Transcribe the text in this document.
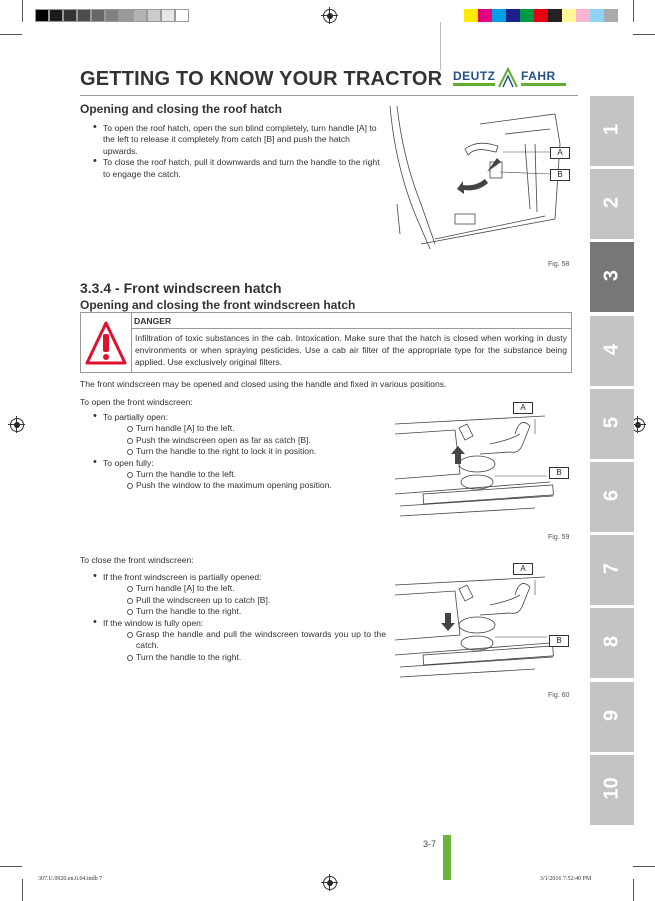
GETTING TO KNOW YOUR TRACTOR DEUTZ FAHR
Opening and closing the roof hatch
• To open the roof hatch, open the sun blind completely, turn handle [A] to the left to release it completely from catch [B] and push the hatch upwards.
• To close the roof hatch, pull it downwards and turn the handle to the right to engage the catch.
A
B
Fig. 58
3.3.4 - Front windscreen hatch
Opening and closing the front windscreen hatch
DANGER
Infiltration of toxic substances in the cab. Intoxication. Make sure that the hatch is closed when working in dusty environments or when spraying pesticides. Use a cab air filter of the appropriate type for the substance being applied. Use exclusively original filters.
The front windscreen may be opened and closed using the handle and fixed in various positions.
To open the front windscreen:
• To partially open:
Turn handle [A] to the left.
Push the windscreen open as far as catch [B].
Turn the handle to the right to lock it in position.
• To open fully:
Turn the handle to the left.
Push the window to the maximum opening position.
A
B
Fig. 59
To close the front windscreen:
• If the front windscreen is partially opened:
Turn handle [A] to the left.
Pull the windscreen up to catch [B].
Turn the handle to the right.
• If the window is fully open:
Grasp the handle and pull the windscreen towards you up to the catch.
Turn the handle to the right.
A
B
Fig. 60
1
2
3
4
5
6
7
8
9
10
3-7
307.U.0920.en.6.04.indb 7	3/1/2016 7:52:40 PM
